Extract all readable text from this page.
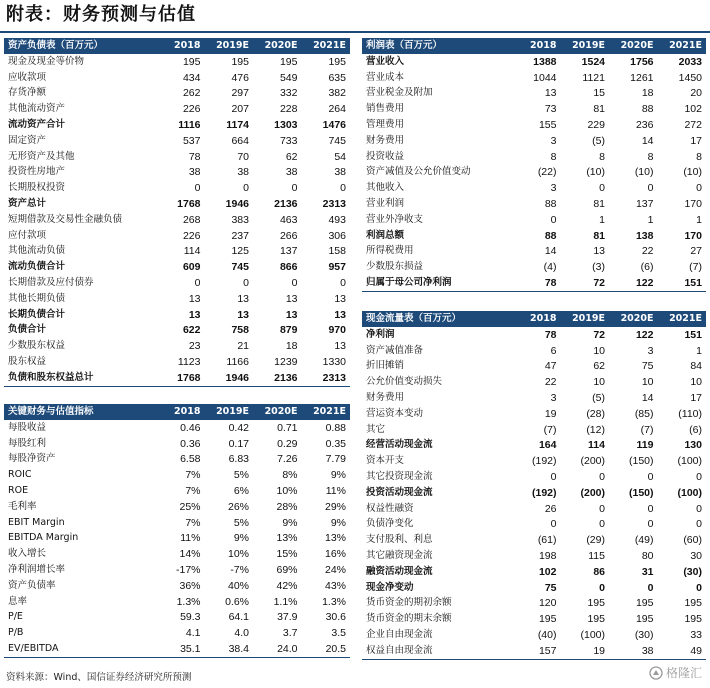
附表：财务预测与估值
资产负债表（百万元）	2018	2019E	2020E	2021E
现金及现金等价物	195	195	195	195
应收款项	434	476	549	635
存货净额	262	297	332	382
其他流动资产	226	207	228	264
流动资产合计	1116	1174	1303	1476
固定资产	537	664	733	745
无形资产及其他	78	70	62	54
投资性房地产	38	38	38	38
长期股权投资	0	0	0	0
资产总计	1768	1946	2136	2313
短期借款及交易性金融负债	268	383	463	493
应付款项	226	237	266	306
其他流动负债	114	125	137	158
流动负债合计	609	745	866	957
长期借款及应付债券	0	0	0	0
其他长期负债	13	13	13	13
长期负债合计	13	13	13	13
负债合计	622	758	879	970
少数股东权益	23	21	18	13
股东权益	1123	1166	1239	1330
负债和股东权益总计	1768	1946	2136	2313
关键财务与估值指标	2018	2019E	2020E	2021E
每股收益	0.46	0.42	0.71	0.88
每股红利	0.36	0.17	0.29	0.35
每股净资产	6.58	6.83	7.26	7.79
ROIC	7%	5%	8%	9%
ROE	7%	6%	10%	11%
毛利率	25%	26%	28%	29%
EBIT Margin	7%	5%	9%	9%
EBITDA Margin	11%	9%	13%	13%
收入增长	14%	10%	15%	16%
净利润增长率	-17%	-7%	69%	24%
资产负债率	36%	40%	42%	43%
息率	1.3%	0.6%	1.1%	1.3%
P/E	59.3	64.1	37.9	30.6
P/B	4.1	4.0	3.7	3.5
EV/EBITDA	35.1	38.4	24.0	20.5
利润表（百万元）	2018	2019E	2020E	2021E
营业收入	1388	1524	1756	2033
营业成本	1044	1121	1261	1450
营业税金及附加	13	15	18	20
销售费用	73	81	88	102
管理费用	155	229	236	272
财务费用	3	(5)	14	17
投资收益	8	8	8	8
资产减值及公允价值变动	(22)	(10)	(10)	(10)
其他收入	3	0	0	0
营业利润	88	81	137	170
营业外净收支	0	1	1	1
利润总额	88	81	138	170
所得税费用	14	13	22	27
少数股东损益	(4)	(3)	(6)	(7)
归属于母公司净利润	78	72	122	151
现金流量表（百万元）	2018	2019E	2020E	2021E
净利润	78	72	122	151
资产减值准备	6	10	3	1
折旧摊销	47	62	75	84
公允价值变动损失	22	10	10	10
财务费用	3	(5)	14	17
营运资本变动	19	(28)	(85)	(110)
其它	(7)	(12)	(7)	(6)
经营活动现金流	164	114	119	130
资本开支	(192)	(200)	(150)	(100)
其它投资现金流	0	0	0	0
投资活动现金流	(192)	(200)	(150)	(100)
权益性融资	26	0	0	0
负债净变化	0	0	0	0
支付股利、利息	(61)	(29)	(49)	(60)
其它融资现金流	198	115	80	30
融资活动现金流	102	86	31	(30)
现金净变动	75	0	0	0
货币资金的期初余额	120	195	195	195
货币资金的期末余额	195	195	195	195
企业自由现金流	(40)	(100)	(30)	33
权益自由现金流	157	19	38	49

资料来源：Wind、国信证券经济研究所预测	格隆汇
